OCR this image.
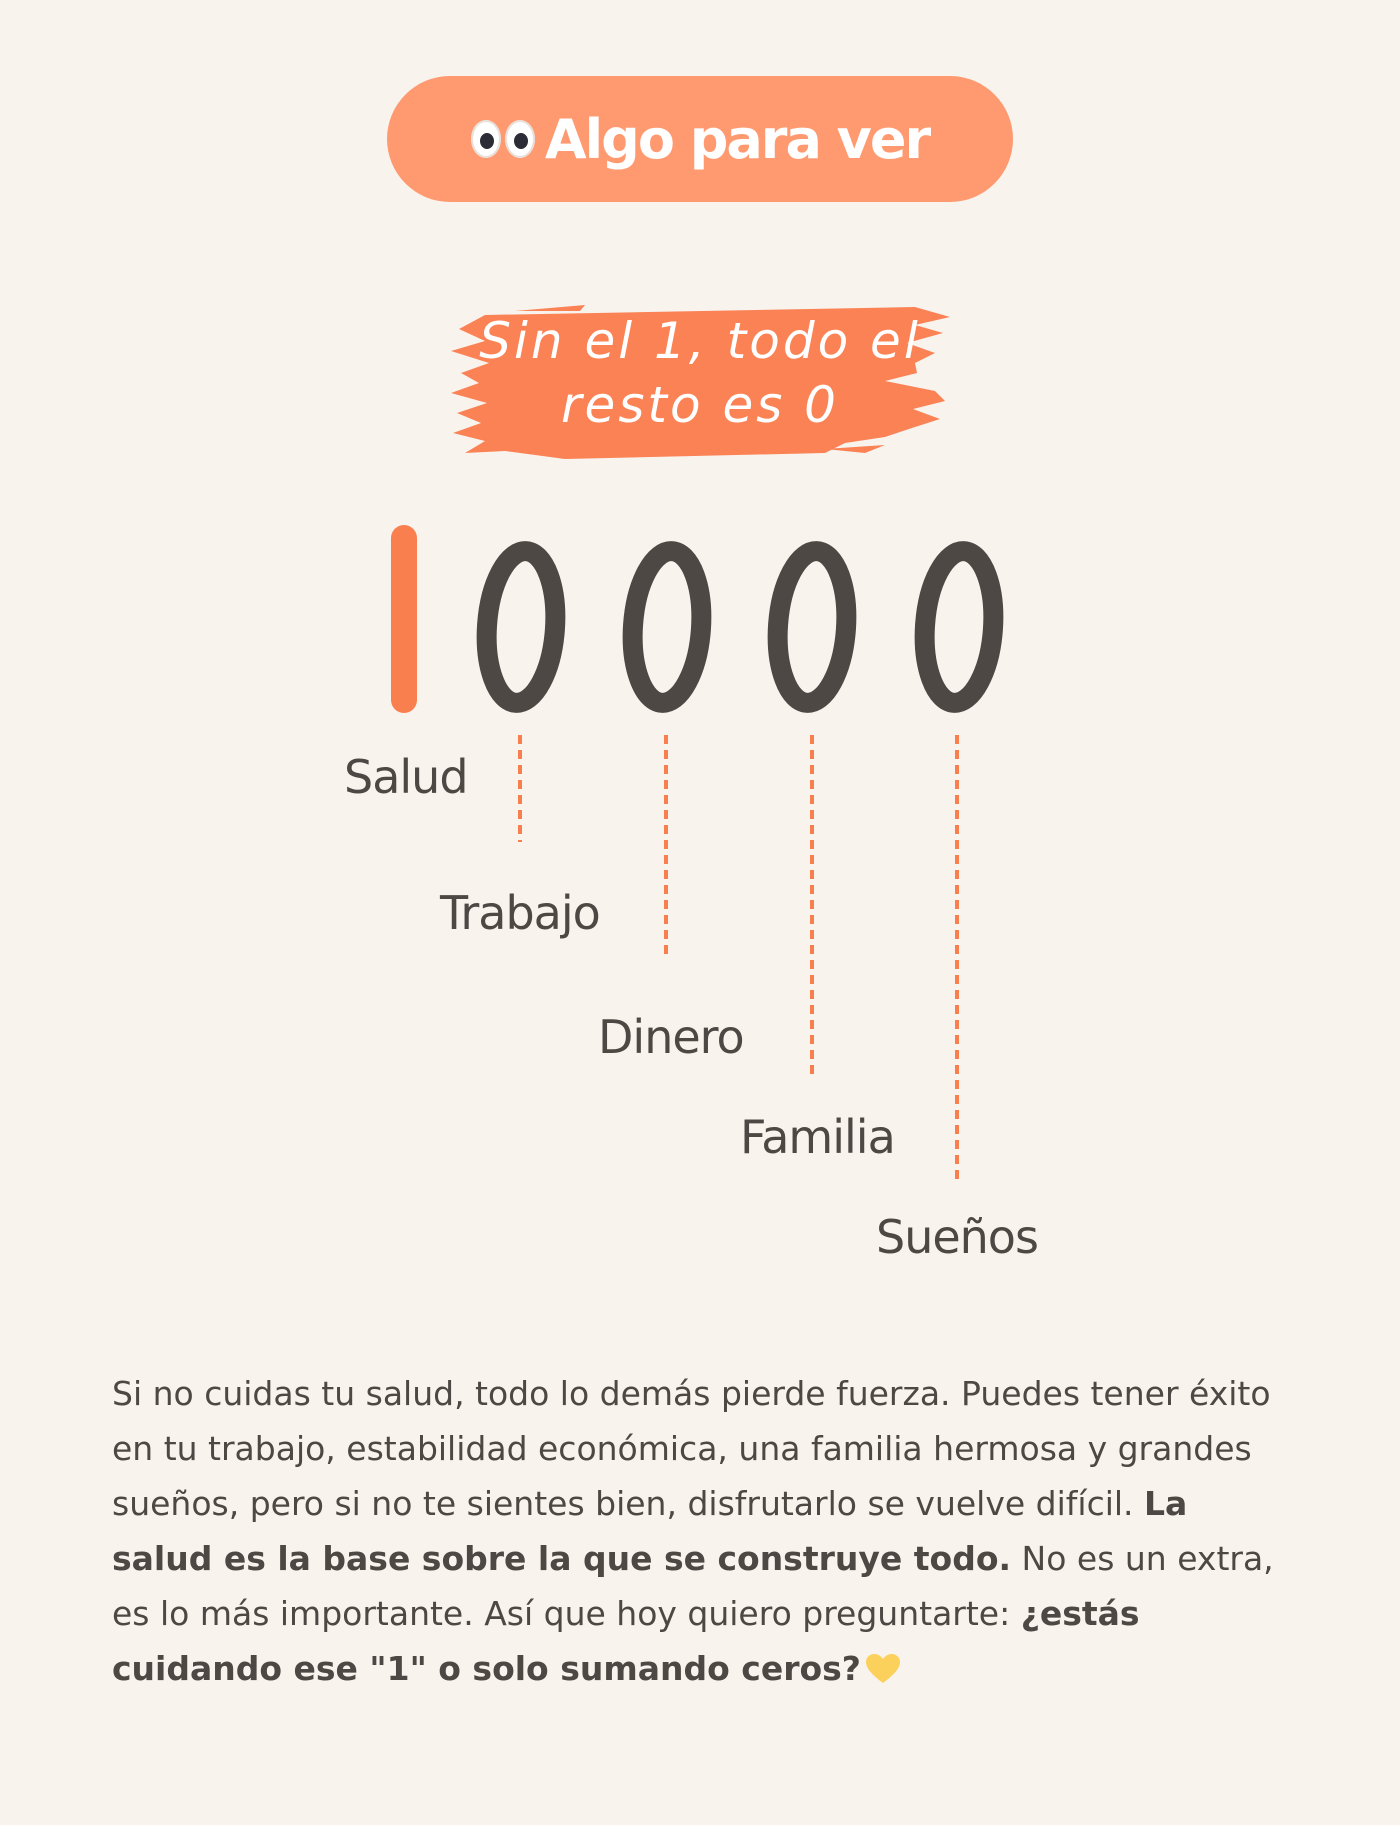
Algo para ver
Sin el 1, todo el
resto es 0
Salud
Trabajo
Dinero
Familia
Sueños

Si no cuidas tu salud, todo lo demás pierde fuerza. Puedes tener éxito en tu trabajo, estabilidad económica, una familia hermosa y grandes sueños, pero si no te sientes bien, disfrutarlo se vuelve difícil. La salud es la base sobre la que se construye todo. No es un extra, es lo más importante. Así que hoy quiero preguntarte: ¿estás cuidando ese "1" o solo sumando ceros?
